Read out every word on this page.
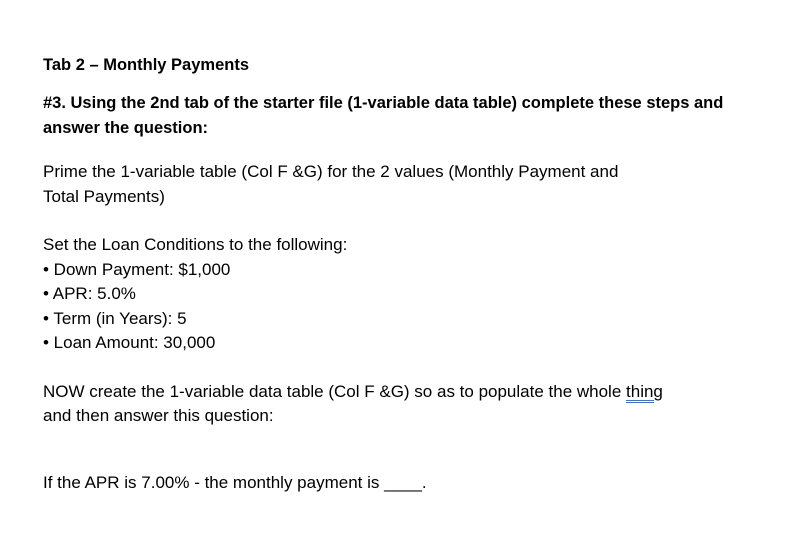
Tab 2 – Monthly Payments

#3. Using the 2nd tab of the starter file (1-variable data table) complete these steps and answer the question:

Prime the 1-variable table (Col F &G) for the 2 values (Monthly Payment and
Total Payments)

Set the Loan Conditions to the following:

• Down Payment: $1,000
• APR: 5.0%
• Term (in Years): 5
• Loan Amount: 30,000

NOW create the 1-variable data table (Col F &G) so as to populate the whole thing
and then answer this question:

If the APR is 7.00% - the monthly payment is ____.
